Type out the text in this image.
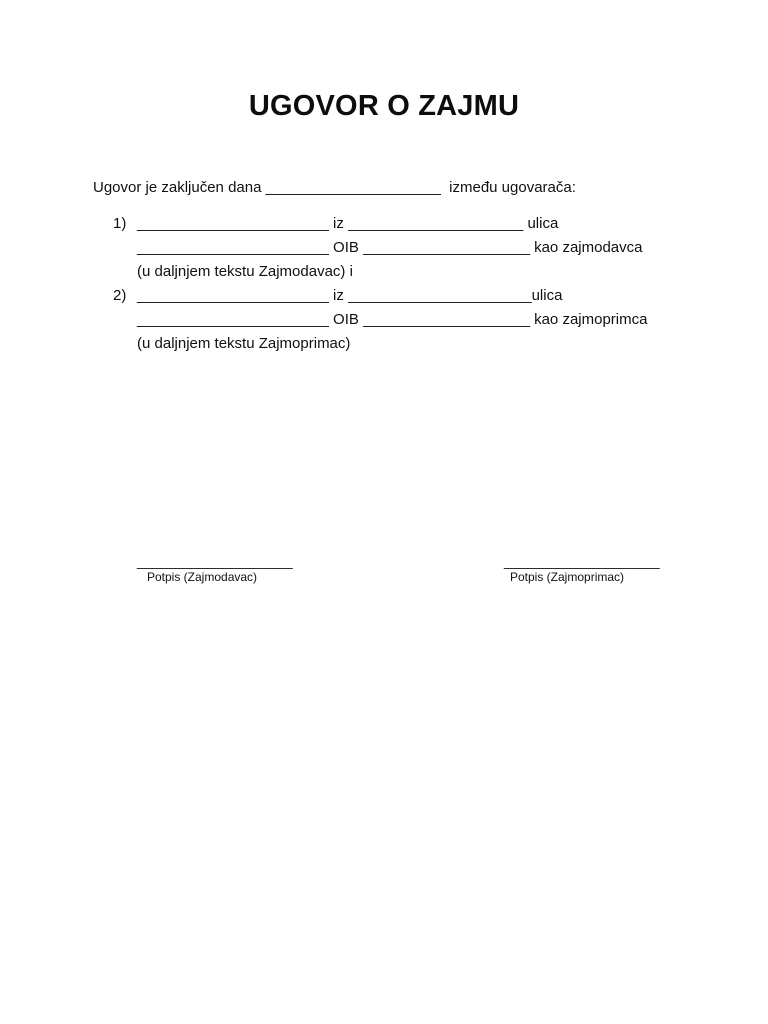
UGOVOR O ZAJMU
Ugovor je zaključen dana _____________________ između ugovarača:
1) _______________________ iz _____________________ ulica
_______________________ OIB ____________________ kao zajmodavca
(u daljnjem tekstu Zajmodavac) i
2) _______________________ iz ______________________ulica
_______________________ OIB ____________________ kao zajmoprimca
(u daljnjem tekstu Zajmoprimac)
____________________
Potpis (Zajmodavac)
____________________
Potpis (Zajmoprimac)
